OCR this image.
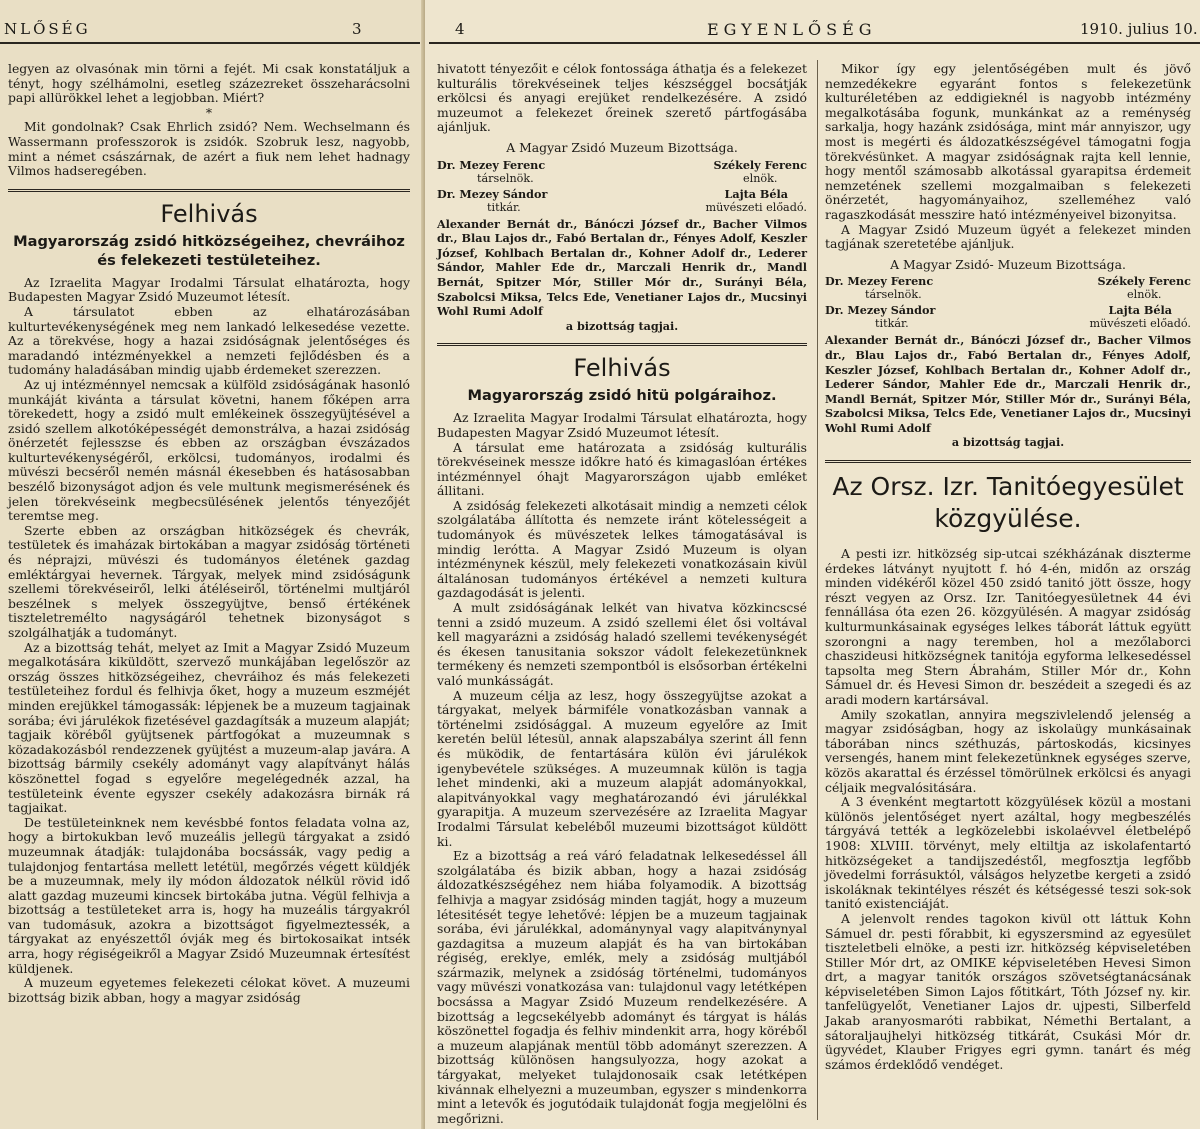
NLŐSÉG	3

legyen az olvasónak min törni a fejét. Mi csak konstatáljuk a tényt, hogy szélhámolni, esetleg százezreket összeharácsolni papi allürökkel lehet a legjobban. Miért?

*

Mit gondolnak? Csak Ehrlich zsidó? Nem. Wechselmann és Wassermann professzorok is zsidók. Szobruk lesz, nagyobb, mint a német császárnak, de azért a fiuk nem lehet hadnagy Vilmos hadseregében.

Felhivás
Magyarország zsidó hitközségeihez, chevráihoz és felekezeti testületeihez.

Az Izraelita Magyar Irodalmi Társulat elhatározta, hogy Budapesten Magyar Zsidó Muzeumot létesít.

A társulatot ebben az elhatározásában kulturtevékenységének meg nem lankadó lelkesedése vezette. Az a törekvése, hogy a hazai zsidóságnak jelentőséges és maradandó intézményekkel a nemzeti fejlődésben és a tudomány haladásában mindig ujabb érdemeket szerezzen.

Az uj intézménnyel nemcsak a külföld zsidóságának hasonló munkáját kivánta a társulat követni, hanem főképen arra törekedett, hogy a zsidó mult emlékeinek összegyüjtésével a zsidó szellem alkotóképességét demonstrálva, a hazai zsidóság önérzetét fejlesszse és ebben az országban évszázados kulturtevékenységéről, erkölcsi, tudományos, irodalmi és müvészi becséről nemén másnál ékesebben és hatásosabban beszélő bizonyságot adjon és vele multunk megismerésének és jelen törekvéseink megbecsülésének jelentős tényezőjét teremtse meg.

Szerte ebben az országban hitközségek és chevrák, testületek és imaházak birtokában a magyar zsidóság történeti és néprajzi, müvészi és tudományos életének gazdag emléktárgyai hevernek. Tárgyak, melyek mind zsidóságunk szellemi törekvéseiről, lelki átéléseiről, történelmi multjáról beszélnek s melyek összegyüjtve, benső értékének tiszteletremélto nagyságáról tehetnek bizonyságot s szolgálhatják a tudományt.

Az a bizottság tehát, melyet az Imit a Magyar Zsidó Muzeum megalkotására kiküldött, szervező munkájában legelőször az ország összes hitközségeihez, chevráihoz és más felekezeti testületeihez fordul és felhivja őket, hogy a muzeum eszméjét minden erejükkel támogassák: lépjenek be a muzeum tagjainak sorába; évi járulékok fizetésével gazdagítsák a muzeum alapját; tagjaik köréből gyüjtsenek pártfogókat a muzeumnak s közadakozásból rendezzenek gyüjtést a muzeum-alap javára. A bizottság bármily csekély adományt vagy alapítványt hálás köszönettel fogad s egyelőre megelégednék azzal, ha testületeink évente egyszer csekély adakozásra birnák rá tagjaikat.

De testületeinknek nem kevésbbé fontos feladata volna az, hogy a birtokukban levő muzeális jellegü tárgyakat a zsidó muzeumnak átadják: tulajdonába bocsássák, vagy pedig a tulajdonjog fentartása mellett letétül, megőrzés végett küldjék be a muzeumnak, mely ily módon áldozatok nélkül rövid idő alatt gazdag muzeumi kincsek birtokába jutna. Végül felhivja a bizottság a testületeket arra is, hogy ha muzeális tárgyakról van tudomásuk, azokra a bizottságot figyelmeztessék, a tárgyakat az enyészettől óvják meg és birtokosaikat intsék arra, hogy régiségeikről a Magyar Zsidó Muzeumnak értesítést küldjenek.

A muzeum egyetemes felekezeti célokat követ. A muzeumi bizottság bizik abban, hogy a magyar zsidóság

4	EGYENLŐSÉG	1910. julius 10.

hivatott tényezőit e célok fontossága áthatja és a felekezet kulturális törekvéseinek teljes készséggel bocsátják erkölcsi és anyagi erejüket rendelkezésére. A zsidó muzeumot a felekezet őreinek szerető pártfogásába ajánljuk.

A Magyar Zsidó Muzeum Bizottsága.

Dr. Mezey Ferenc
társelnök.
Székely Ferenc
elnök.
Dr. Mezey Sándor
titkár.
Lajta Béla
müvészeti előadó.
Alexander Bernát dr., Bánóczi József dr., Bacher Vilmos dr., Blau Lajos dr., Fabó Bertalan dr., Fényes Adolf, Keszler József, Kohlbach Bertalan dr., Kohner Adolf dr., Lederer Sándor, Mahler Ede dr., Marczali Henrik dr., Mandl Bernát, Spitzer Mór, Stiller Mór dr., Surányi Béla, Szabolcsi Miksa, Telcs Ede, Venetianer Lajos dr., Mucsinyi Wohl Rumi Adolf
a bizottság tagjai.
Felhivás
Magyarország zsidó hitü polgáraihoz.

Az Izraelita Magyar Irodalmi Társulat elhatározta, hogy Budapesten Magyar Zsidó Muzeumot létesít.

A társulat eme határozata a zsidóság kulturális törekvéseinek messze időkre ható és kimagaslóan értékes intézménnyel óhajt Magyarországon ujabb emléket állitani.

A zsidóság felekezeti alkotásait mindig a nemzeti célok szolgálatába állította és nemzete iránt kötelességeit a tudományok és müvészetek lelkes támogatásával is mindig lerótta. A Magyar Zsidó Muzeum is olyan intézménynek készül, mely felekezeti vonatkozásain kivül általánosan tudományos értékével a nemzeti kultura gazdagodását is jelenti.

A mult zsidóságának lelkét van hivatva közkincscsé tenni a zsidó muzeum. A zsidó szellemi élet ősi voltával kell magyarázni a zsidóság haladó szellemi tevékenységét és ékesen tanusitania sokszor vádolt felekezetünknek termékeny és nemzeti szempontból is elsősorban értékelni való munkásságát.

A muzeum célja az lesz, hogy összegyüjtse azokat a tárgyakat, melyek bármiféle vonatkozásban vannak a történelmi zsidósággal. A muzeum egyelőre az Imit keretén belül létesül, annak alapszabálya szerint áll fenn és müködik, de fentartására külön évi járulékok igenybevétele szükséges. A muzeumnak külön is tagja lehet mindenki, aki a muzeum alapját adományokkal, alapitványokkal vagy meghatározandó évi járulékkal gyarapitja. A muzeum szervezésére az Izraelita Magyar Irodalmi Társulat kebeléből muzeumi bizottságot küldött ki.

Ez a bizottság a reá váró feladatnak lelkesedéssel áll szolgálatába és bizik abban, hogy a hazai zsidóság áldozatkészségéhez nem hiába folyamodik. A bizottság felhivja a magyar zsidóság minden tagját, hogy a muzeum létesitését tegye lehetővé: lépjen be a muzeum tagjainak sorába, évi járulékkal, adománynyal vagy alapitványnyal gazdagitsa a muzeum alapját és ha van birtokában régiség, ereklye, emlék, mely a zsidóság multjából származik, melynek a zsidóság történelmi, tudományos vagy müvészi vonatkozása van: tulajdonul vagy letétképen bocsássa a Magyar Zsidó Muzeum rendelkezésére. A bizottság a legcsekélyebb adományt és tárgyat is hálás köszönettel fogadja és felhiv mindenkit arra, hogy köréből a muzeum alapjának mentül több adományt szerezzen. A bizottság különösen hangsulyozza, hogy azokat a tárgyakat, melyeket tulajdonosaik csak letétképen kivánnak elhelyezni a muzeumban, egyszer s mindenkorra mint a letevők és jogutódaik tulajdonát fogja megjelölni és megőrizni.

Mikor így egy jelentőségében mult és jövő nemzedékekre egyaránt fontos s felekezetünk kulturéletében az eddigieknél is nagyobb intézmény megalkotásába fogunk, munkánkat az a reménység sarkalja, hogy hazánk zsidósága, mint már annyiszor, ugy most is megérti és áldozatkészségével támogatni fogja törekvésünket. A magyar zsidóságnak rajta kell lennie, hogy mentől számosabb alkotással gyarapitsa érdemeit nemzetének szellemi mozgalmaiban s felekezeti önérzetét, hagyományaihoz, szelleméhez való ragaszkodását messzire ható intézményeivel bizonyitsa.

A Magyar Zsidó Muzeum ügyét a felekezet minden tagjának szeretetébe ajánljuk.

A Magyar Zsidó- Muzeum Bizottsága.

Dr. Mezey Ferenc
társelnök.
Székely Ferenc
elnök.
Dr. Mezey Sándor
titkár.
Lajta Béla
müvészeti előadó.
Alexander Bernát dr., Bánóczi József dr., Bacher Vilmos dr., Blau Lajos dr., Fabó Bertalan dr., Fényes Adolf, Keszler József, Kohlbach Bertalan dr., Kohner Adolf dr., Lederer Sándor, Mahler Ede dr., Marczali Henrik dr., Mandl Bernát, Spitzer Mór, Stiller Mór dr., Surányi Béla, Szabolcsi Miksa, Telcs Ede, Venetianer Lajos dr., Mucsinyi Wohl Rumi Adolf
a bizottság tagjai.
Az Orsz. Izr. Tanitóegyesület közgyülése.

A pesti izr. hitközség sip-utcai székházának diszterme érdekes látványt nyujtott f. hó 4-én, midőn az ország minden vidékéről közel 450 zsidó tanitó jött össze, hogy részt vegyen az Orsz. Izr. Tanitóegyesületnek 44 évi fennállása óta ezen 26. közgyülésén. A magyar zsidóság kulturmunkásainak egységes lelkes táborát láttuk együtt szorongni a nagy teremben, hol a mezőlaborci chaszideusi hitközségnek tanitója egyforma lelkesedéssel tapsolta meg Stern Ábrahám, Stiller Mór dr., Kohn Sámuel dr. és Hevesi Simon dr. beszédeit a szegedi és az aradi modern kartársával.

Amily szokatlan, annyira megszivlelendő jelenség a magyar zsidóságban, hogy az iskolaügy munkásainak táborában nincs széthuzás, pártoskodás, kicsinyes versengés, hanem mint felekezetünknek egységes szerve, közös akarattal és érzéssel tömörülnek erkölcsi és anyagi céljaik megvalósitására.

A 3 évenként megtartott közgyülések közül a mostani különös jelentőséget nyert azáltal, hogy megbeszélés tárgyává tették a legközelebbi iskolaévvel életbelépő 1908: XLVIII. törvényt, mely eltiltja az iskolafentartó hitközségeket a tandijszedéstől, megfosztja legfőbb jövedelmi forrásuktól, válságos helyzetbe kergeti a zsidó iskoláknak tekintélyes részét és kétségessé teszi sok-sok tanitó existenciáját.

A jelenvolt rendes tagokon kivül ott láttuk Kohn Sámuel dr. pesti főrabbit, ki egyszersmind az egyesület tiszteletbeli elnöke, a pesti izr. hitközség képviseletében Stiller Mór drt, az OMIKE képviseletében Hevesi Simon drt, a magyar tanitók országos szövetségtanácsának képviseletében Simon Lajos főtitkárt, Tóth József ny. kir. tanfelügyelőt, Venetianer Lajos dr. ujpesti, Silberfeld Jakab aranyosmaróti rabbikat, Némethi Bertalant, a sátoraljaujhelyi hitközség titkárát, Csukási Mór dr. ügyvédet, Klauber Frigyes egri gymn. tanárt és még számos érdeklődő vendéget.
